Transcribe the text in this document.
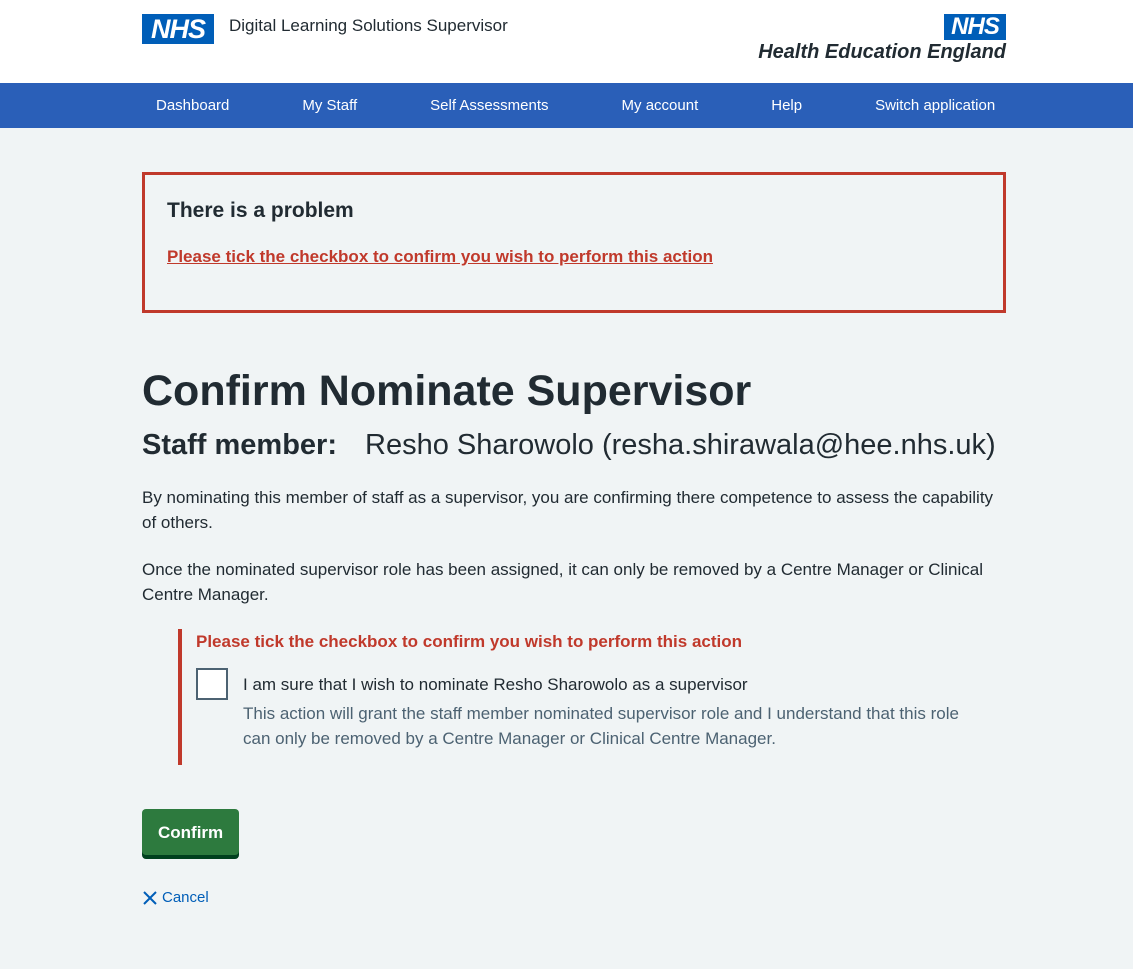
NHS	Digital Learning Solutions Supervisor	NHS
Health Education England
Dashboard	My Staff	Self Assessments	My account	Help	Switch application
There is a problem
Please tick the checkbox to confirm you wish to perform this action
Confirm Nominate Supervisor
Staff member: Resho Sharowolo (resha.shirawala@hee.nhs.uk)

By nominating this member of staff as a supervisor, you are confirming there competence to assess the capability of others.

Once the nominated supervisor role has been assigned, it can only be removed by a Centre Manager or Clinical Centre Manager.

Please tick the checkbox to confirm you wish to perform this action
I am sure that I wish to nominate Resho Sharowolo as a supervisor
This action will grant the staff member nominated supervisor role and I understand that this role can only be removed by a Centre Manager or Clinical Centre Manager.
Confirm
Cancel
